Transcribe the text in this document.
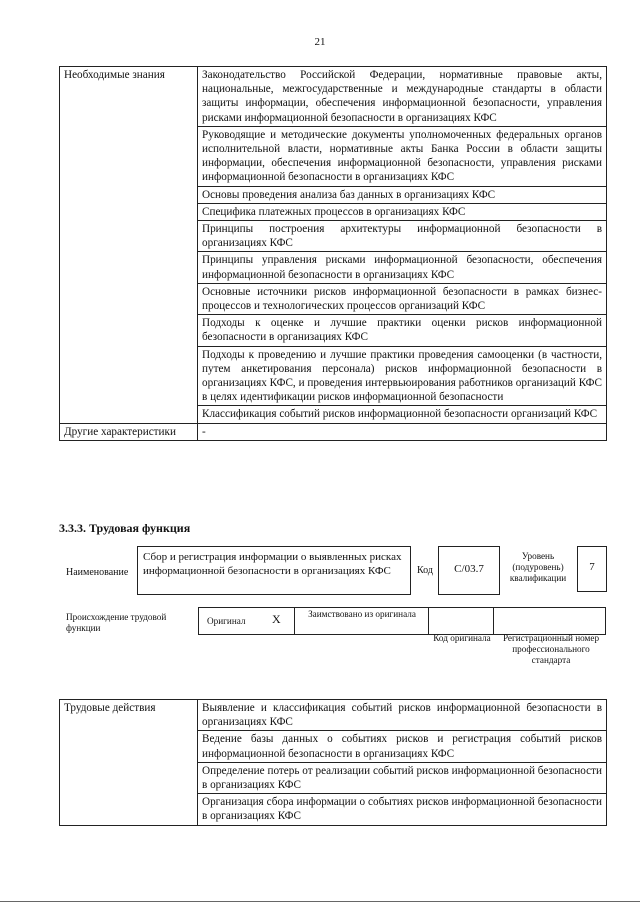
21
Необходимые знания	Законодательство Российской Федерации, нормативные правовые акты, национальные, межгосударственные и международные стандарты в области защиты информации, обеспечения информационной безопасности, управления рисками информационной безопасности в организациях КФС
	Руководящие и методические документы уполномоченных федеральных органов исполнительной власти, нормативные акты Банка России в области защиты информации, обеспечения информационной безопасности, управления рисками информационной безопасности в организациях КФС
	Основы проведения анализа баз данных в организациях КФС
	Специфика платежных процессов в организациях КФС
	Принципы построения архитектуры информационной безопасности в организациях КФС
	Принципы управления рисками информационной безопасности, обеспечения информационной безопасности в организациях КФС
	Основные источники рисков информационной безопасности в рамках бизнес-процессов и технологических процессов организаций КФС
	Подходы к оценке и лучшие практики оценки рисков информационной безопасности в организациях КФС
	Подходы к проведению и лучшие практики проведения самооценки (в частности, путем анкетирования персонала) рисков информационной безопасности в организациях КФС, и проведения интервьюирования работников организаций КФС в целях идентификации рисков информационной безопасности
	Классификация событий рисков информационной безопасности организаций КФС
Другие характеристики	-
3.3.3. Трудовая функция
Наименование
Сбор и регистрация информации о выявленных рисках информационной безопасности в организациях КФС	Код	C/03.7
Уровень (подуровень) квалификации
7
Происхождение трудовой функции
Оригинал X	Заимствовано из оригинала
Код оригинала	Регистрационный номер профессионального стандарта
Трудовые действия	Выявление и классификация событий рисков информационной безопасности в организациях КФС
Ведение базы данных о событиях рисков и регистрация событий рисков информационной безопасности в организациях КФС
Определение потерь от реализации событий рисков информационной безопасности в организациях КФС
Организация сбора информации о событиях рисков информационной безопасности в организациях КФС
